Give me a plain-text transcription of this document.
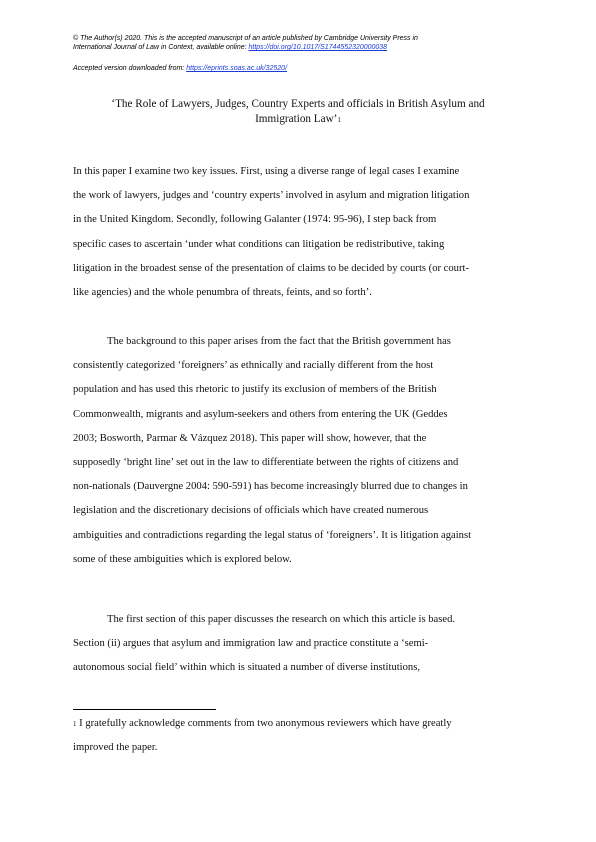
© The Author(s) 2020. This is the accepted manuscript of an article published by Cambridge University Press in
International Journal of Law in Context, available online: https://doi.org/10.1017/S1744552320000038
Accepted version downloaded from: https://eprints.soas.ac.uk/32520/
‘The Role of Lawyers, Judges, Country Experts and officials in British Asylum and
Immigration Law’1
In this paper I examine two key issues. First, using a diverse range of legal cases I examine
the work of lawyers, judges and ‘country experts’ involved in asylum and migration litigation
in the United Kingdom. Secondly, following Galanter (1974: 95-96), I step back from
specific cases to ascertain ‘under what conditions can litigation be redistributive, taking
litigation in the broadest sense of the presentation of claims to be decided by courts (or court-
like agencies) and the whole penumbra of threats, feints, and so forth’.
The background to this paper arises from the fact that the British government has
consistently categorized ‘foreigners’ as ethnically and racially different from the host
population and has used this rhetoric to justify its exclusion of members of the British
Commonwealth, migrants and asylum-seekers and others from entering the UK (Geddes
2003; Bosworth, Parmar & Vázquez 2018). This paper will show, however, that the
supposedly ‘bright line’ set out in the law to differentiate between the rights of citizens and
non-nationals (Dauvergne 2004: 590-591) has become increasingly blurred due to changes in
legislation and the discretionary decisions of officials which have created numerous
ambiguities and contradictions regarding the legal status of ‘foreigners’. It is litigation against
some of these ambiguities which is explored below.
The first section of this paper discusses the research on which this article is based.
Section (ii) argues that asylum and immigration law and practice constitute a ‘semi-
autonomous social field’ within which is situated a number of diverse institutions,
1 I gratefully acknowledge comments from two anonymous reviewers which have greatly
improved the paper.
